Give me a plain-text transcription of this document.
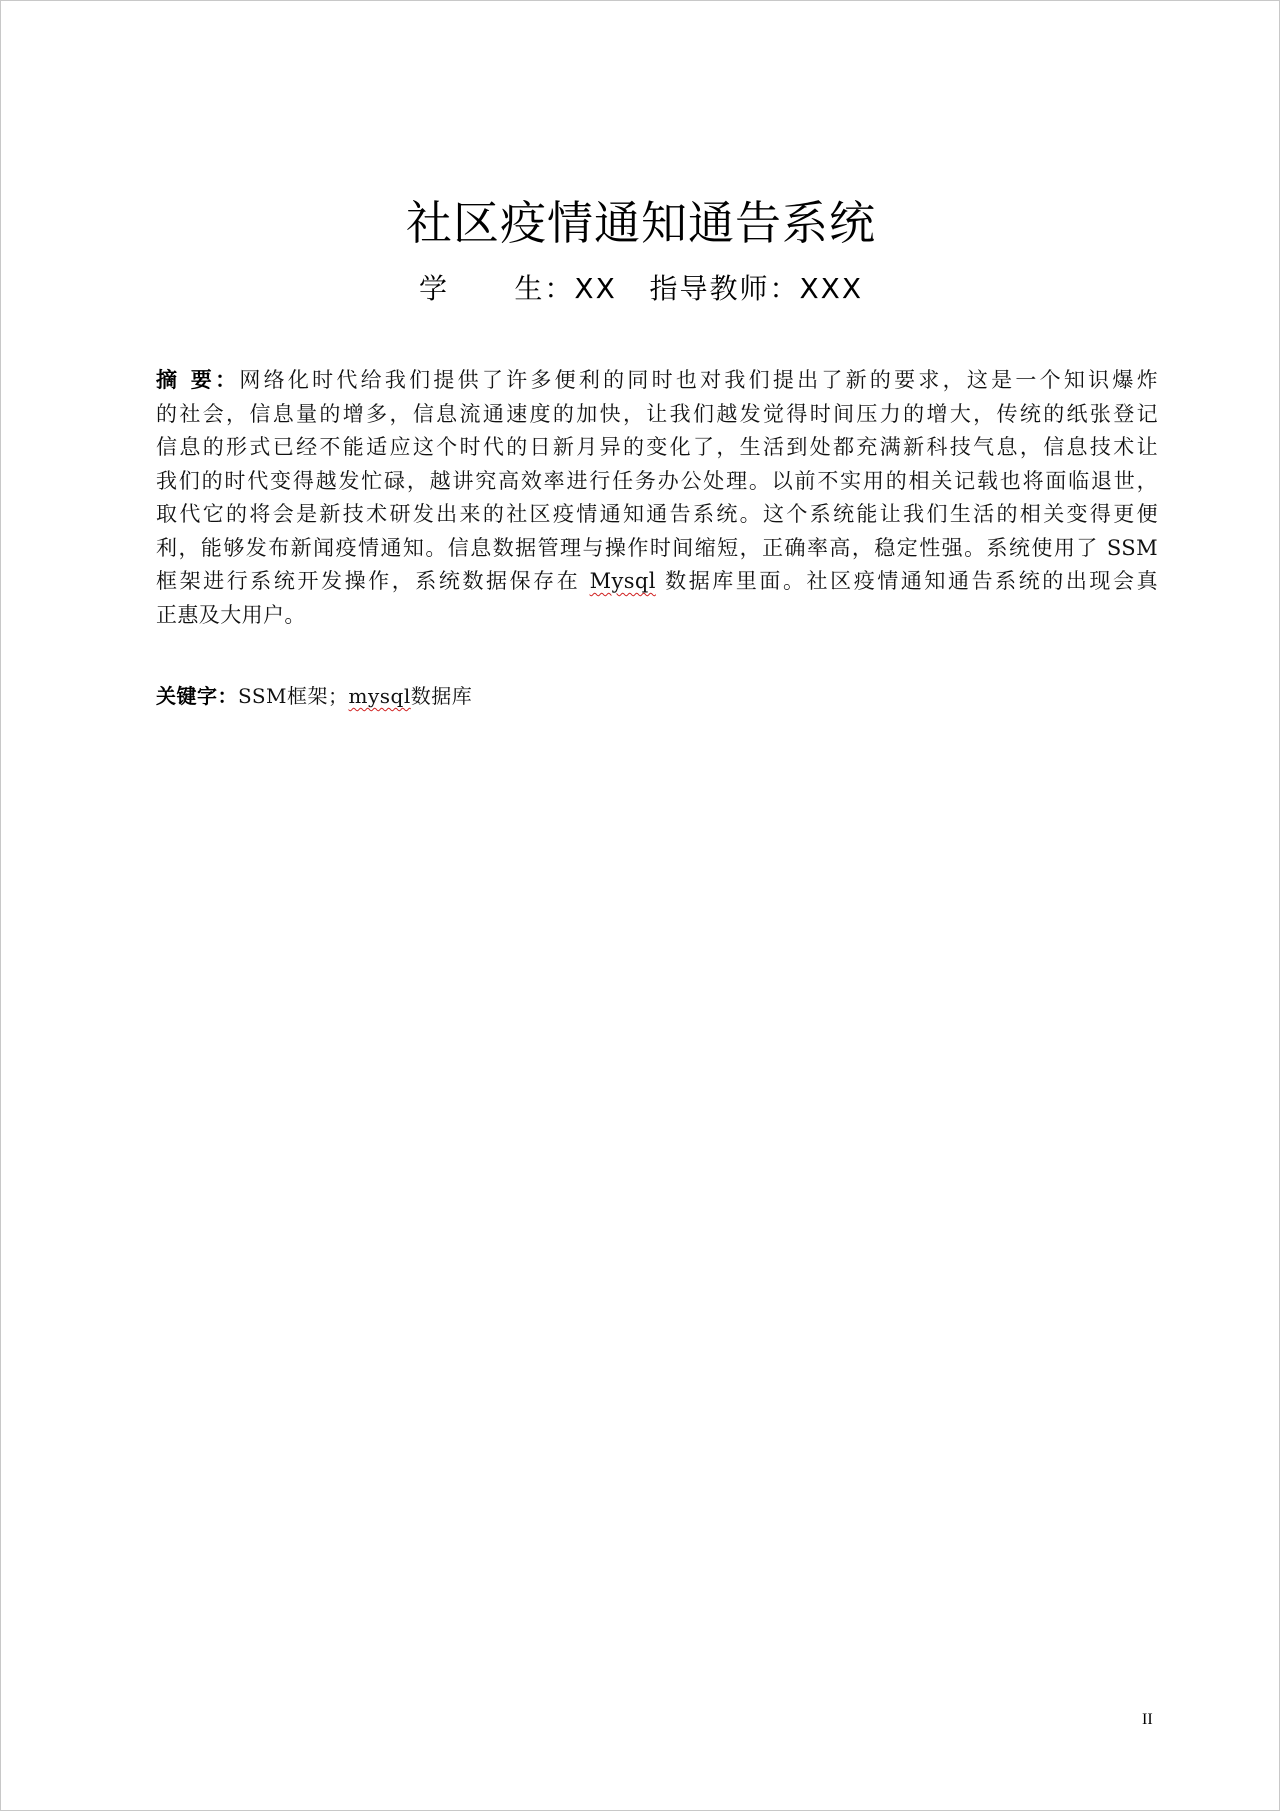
社区疫情通知通告系统
学      生：XX   指导教师：XXX
摘 要：网络化时代给我们提供了许多便利的同时也对我们提出了新的要求，这是一个知识爆炸
的社会，信息量的增多，信息流通速度的加快，让我们越发觉得时间压力的增大，传统的纸张登记
信息的形式已经不能适应这个时代的日新月异的变化了，生活到处都充满新科技气息，信息技术让
我们的时代变得越发忙碌，越讲究高效率进行任务办公处理。以前不实用的相关记载也将面临退世，
取代它的将会是新技术研发出来的社区疫情通知通告系统。这个系统能让我们生活的相关变得更便
利，能够发布新闻疫情通知。信息数据管理与操作时间缩短，正确率高，稳定性强。系统使用了 SSM
框架进行系统开发操作，系统数据保存在 Mysql 数据库里面。社区疫情通知通告系统的出现会真
正惠及大用户。
关键字：SSM框架；mysql数据库
II
